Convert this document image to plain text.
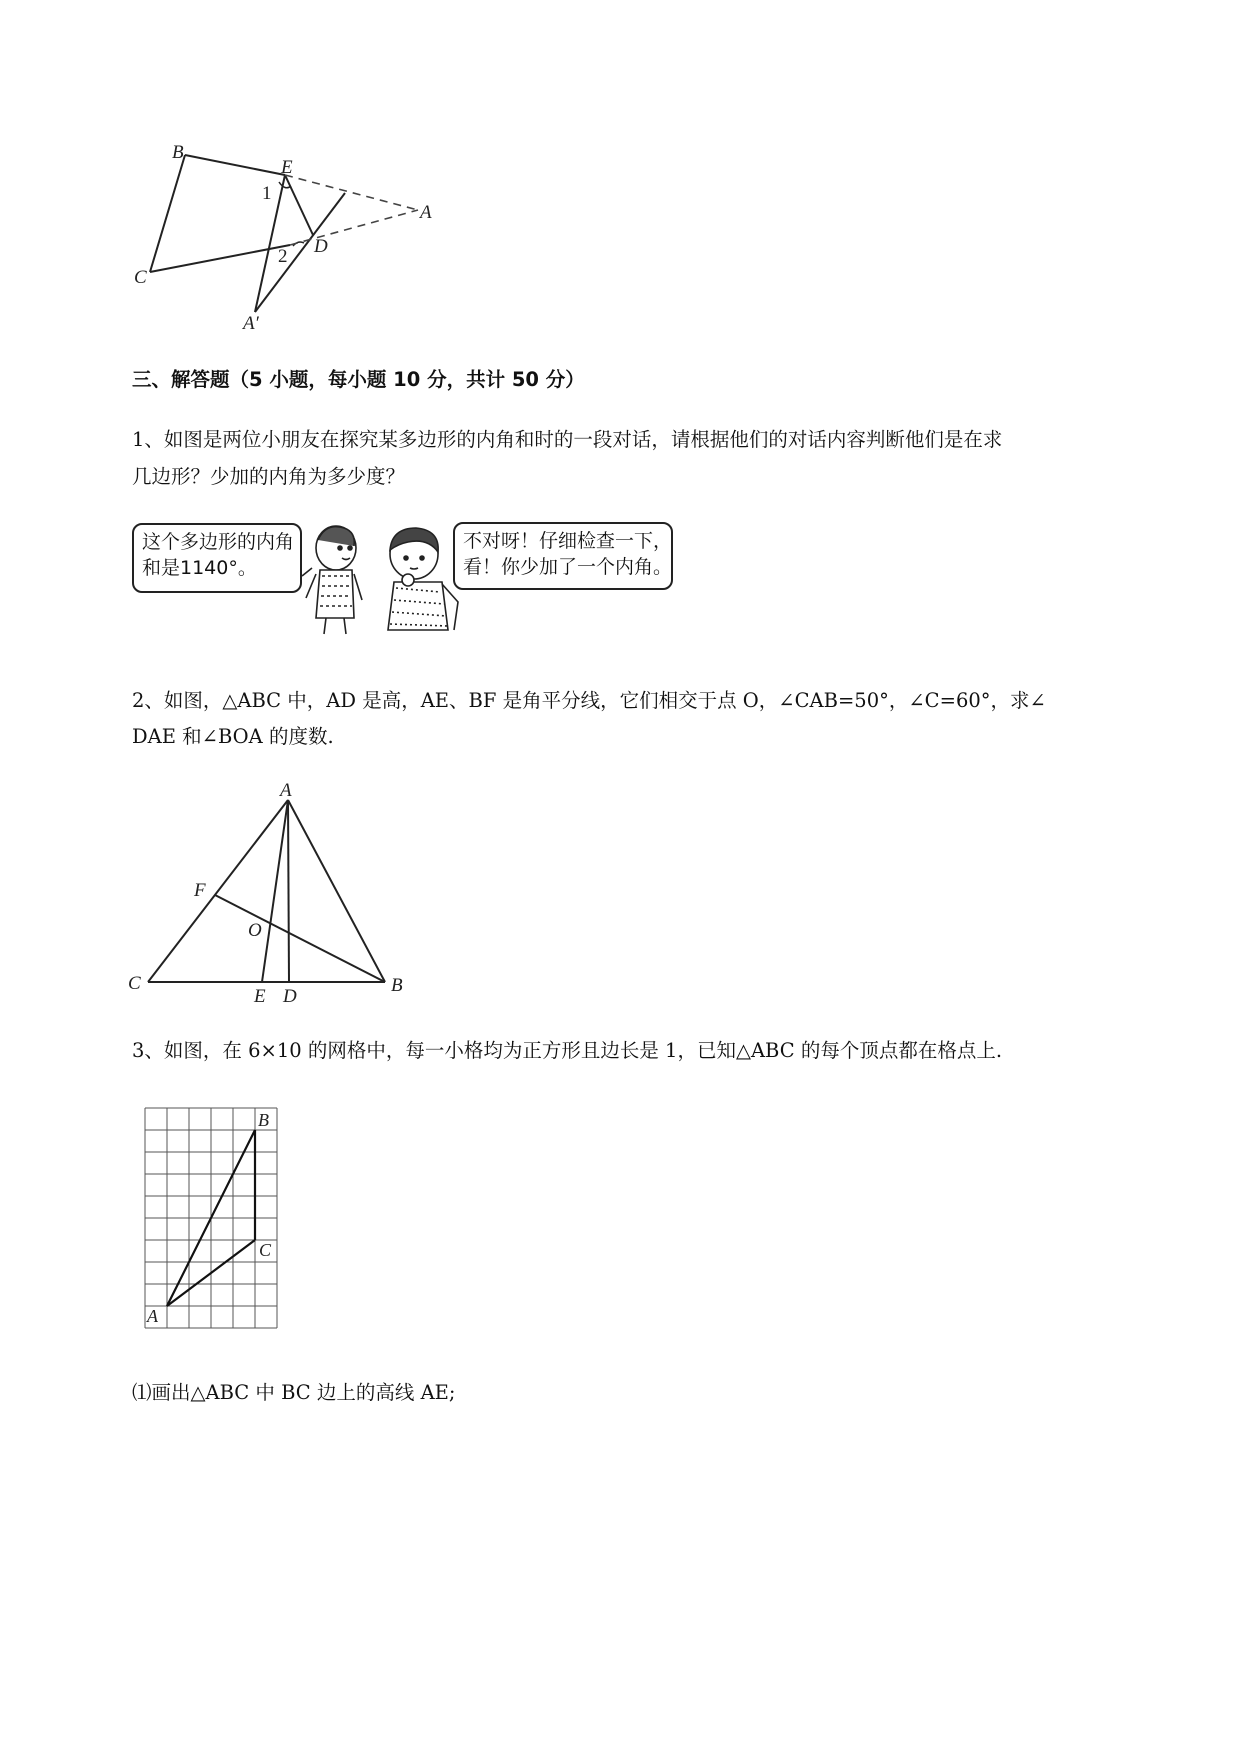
B
E
A
D
C
A′
1
2
三、解答题（5 小题，每小题 10 分，共计 50 分）
1、如图是两位小朋友在探究某多边形的内角和时的一段对话，请根据他们的对话内容判断他们是在求
几边形？少加的内角为多少度？
这个多边形的内角
和是1140°。
不对呀！仔细检查一下，
看！你少加了一个内角。
2、如图，△ABC 中，AD 是高，AE、BF 是角平分线，它们相交于点 O，∠CAB=50°，∠C=60°，求∠
DAE 和∠BOA 的度数.
A
F
O
C
E D
B
3、如图，在 6×10 的网格中，每一小格均为正方形且边长是 1，已知△ABC 的每个顶点都在格点上.
B
C
A
⑴画出△ABC 中 BC 边上的高线 AE;
